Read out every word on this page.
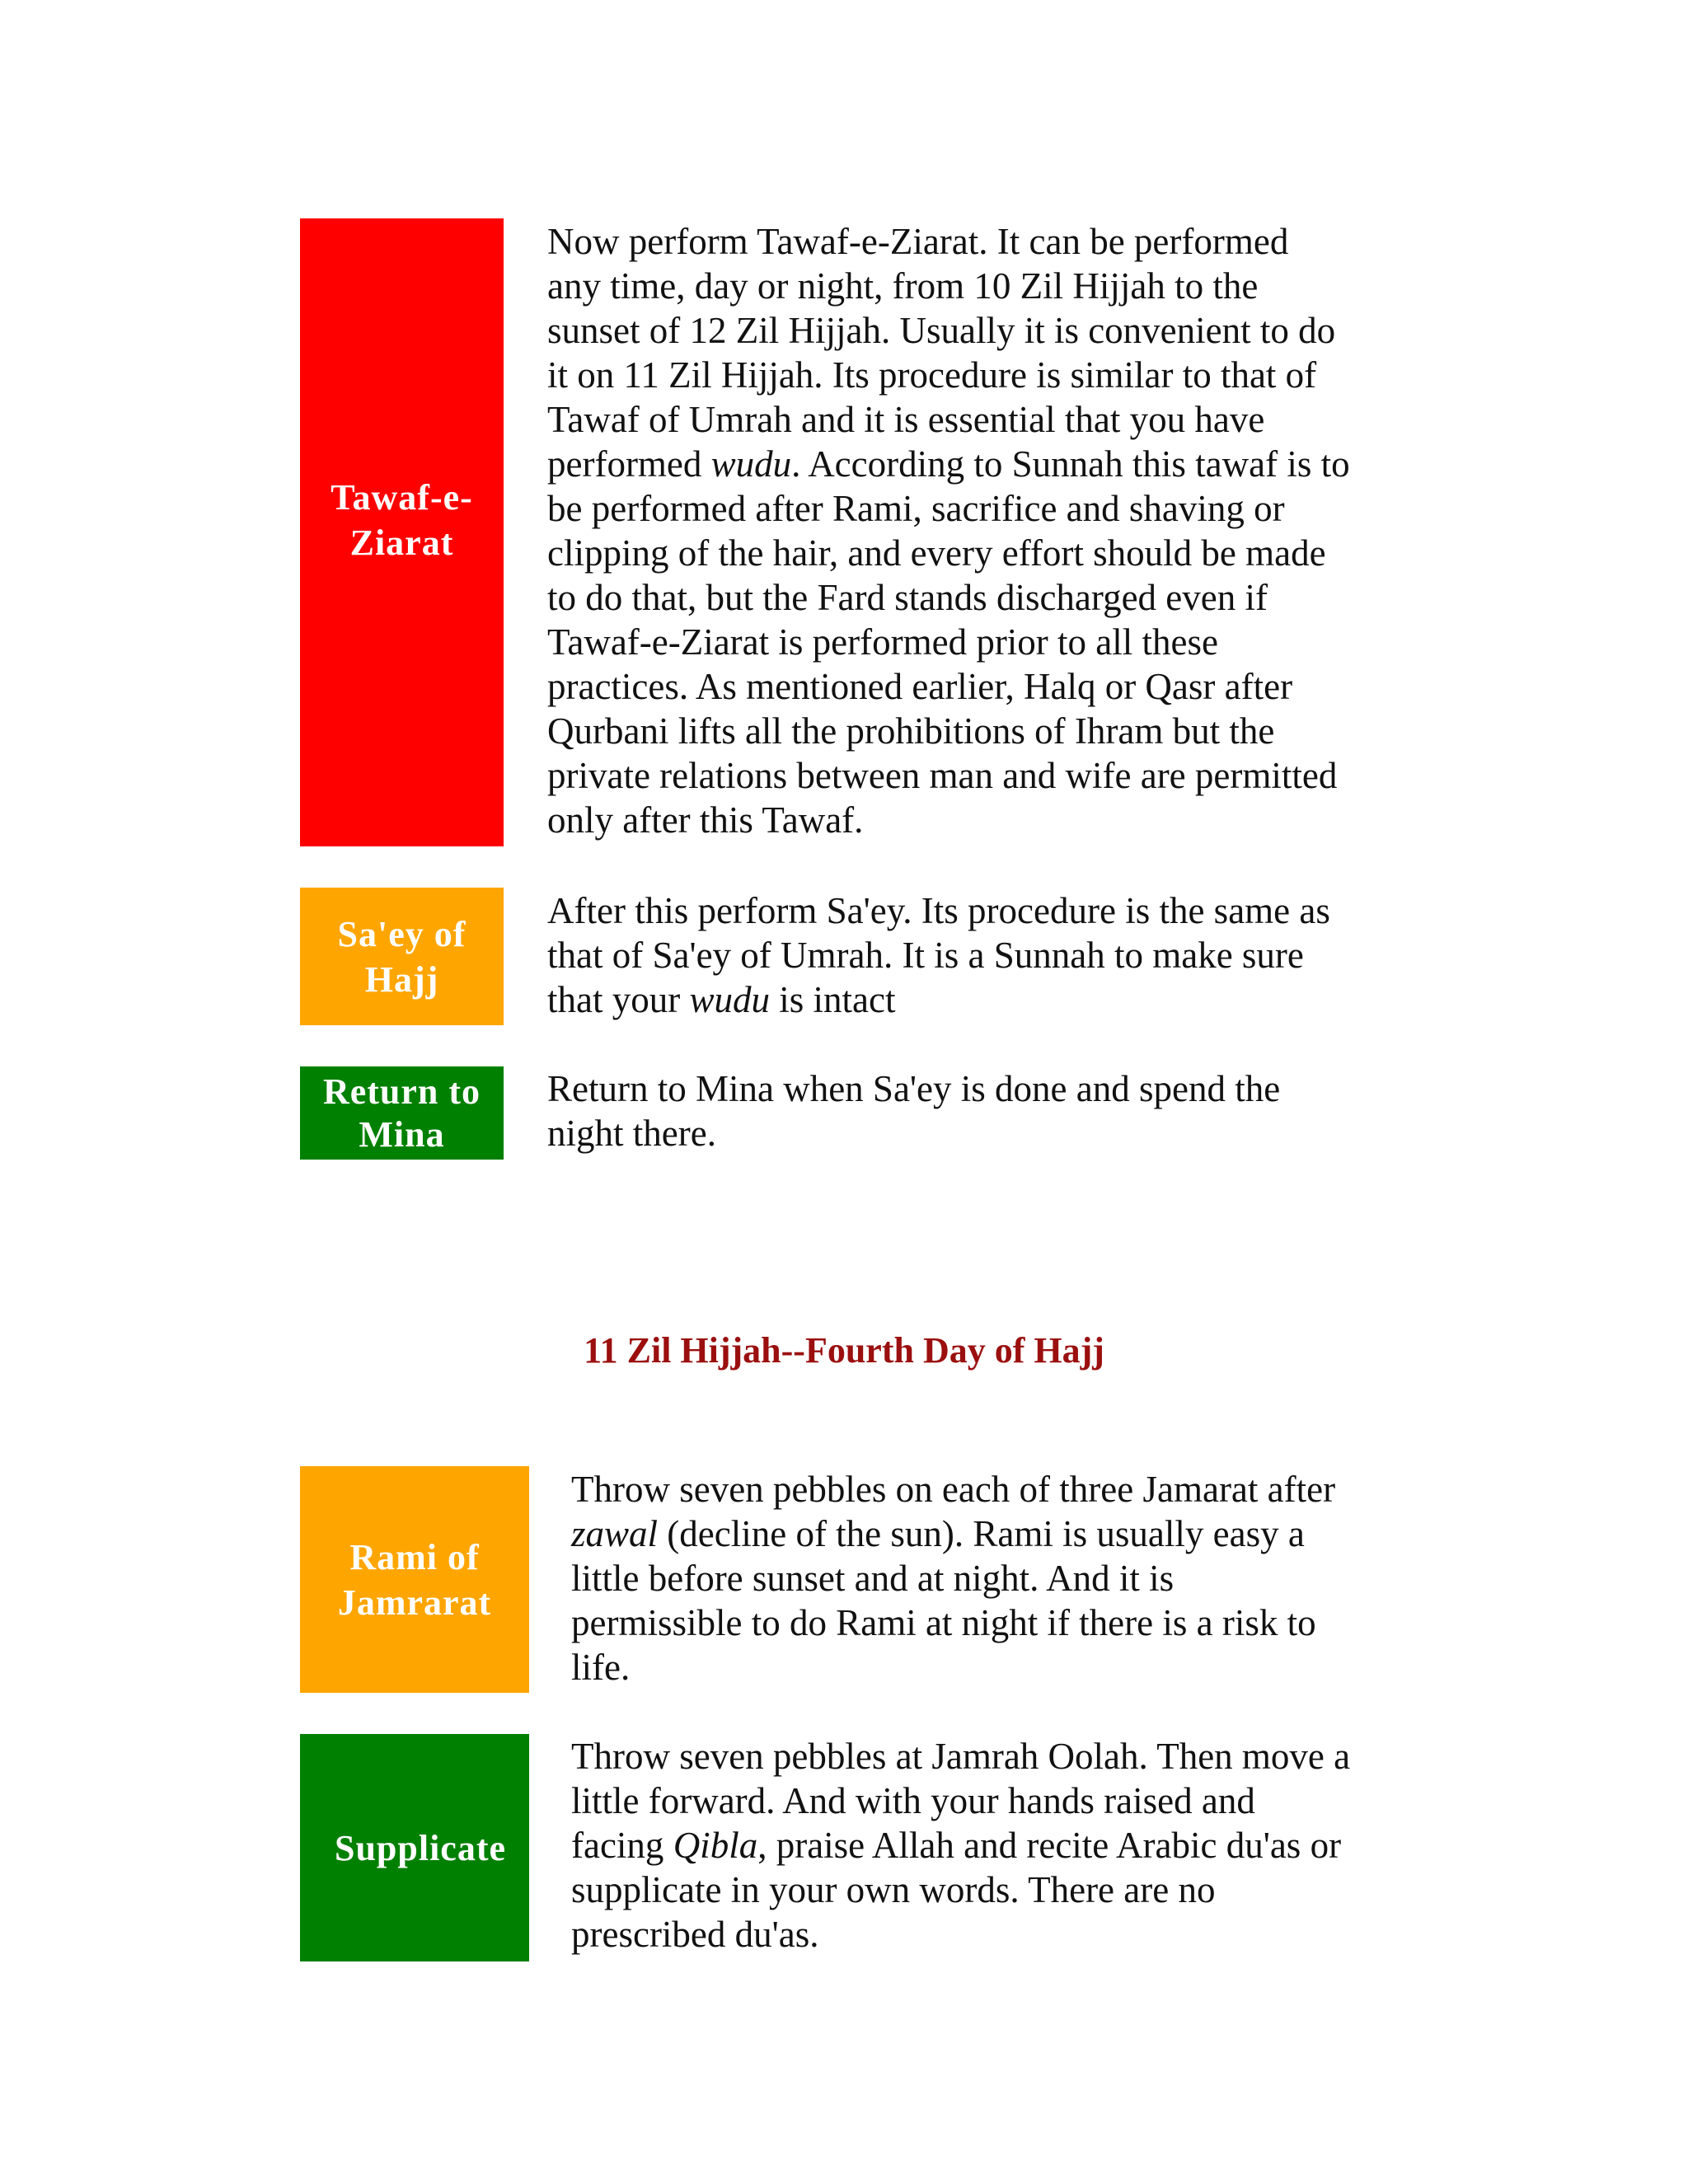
Tawaf-e-
Ziarat
Now perform Tawaf-e-Ziarat. It can be performed
any time, day or night, from 10 Zil Hijjah to the
sunset of 12 Zil Hijjah. Usually it is convenient to do
it on 11 Zil Hijjah. Its procedure is similar to that of
Tawaf of Umrah and it is essential that you have
performed wudu. According to Sunnah this tawaf is to
be performed after Rami, sacrifice and shaving or
clipping of the hair, and every effort should be made
to do that, but the Fard stands discharged even if
Tawaf-e-Ziarat is performed prior to all these
practices. As mentioned earlier, Halq or Qasr after
Qurbani lifts all the prohibitions of Ihram but the
private relations between man and wife are permitted
only after this Tawaf.
Sa'ey of
Hajj
After this perform Sa'ey. Its procedure is the same as
that of Sa'ey of Umrah. It is a Sunnah to make sure
that your wudu is intact
Return to
Mina
Return to Mina when Sa'ey is done and spend the
night there.
11 Zil Hijjah--Fourth Day of Hajj
Rami of
Jamrarat
Throw seven pebbles on each of three Jamarat after
zawal (decline of the sun). Rami is usually easy a
little before sunset and at night. And it is
permissible to do Rami at night if there is a risk to
life.
Supplicate
Throw seven pebbles at Jamrah Oolah. Then move a
little forward. And with your hands raised and
facing Qibla, praise Allah and recite Arabic du'as or
supplicate in your own words. There are no
prescribed du'as.
